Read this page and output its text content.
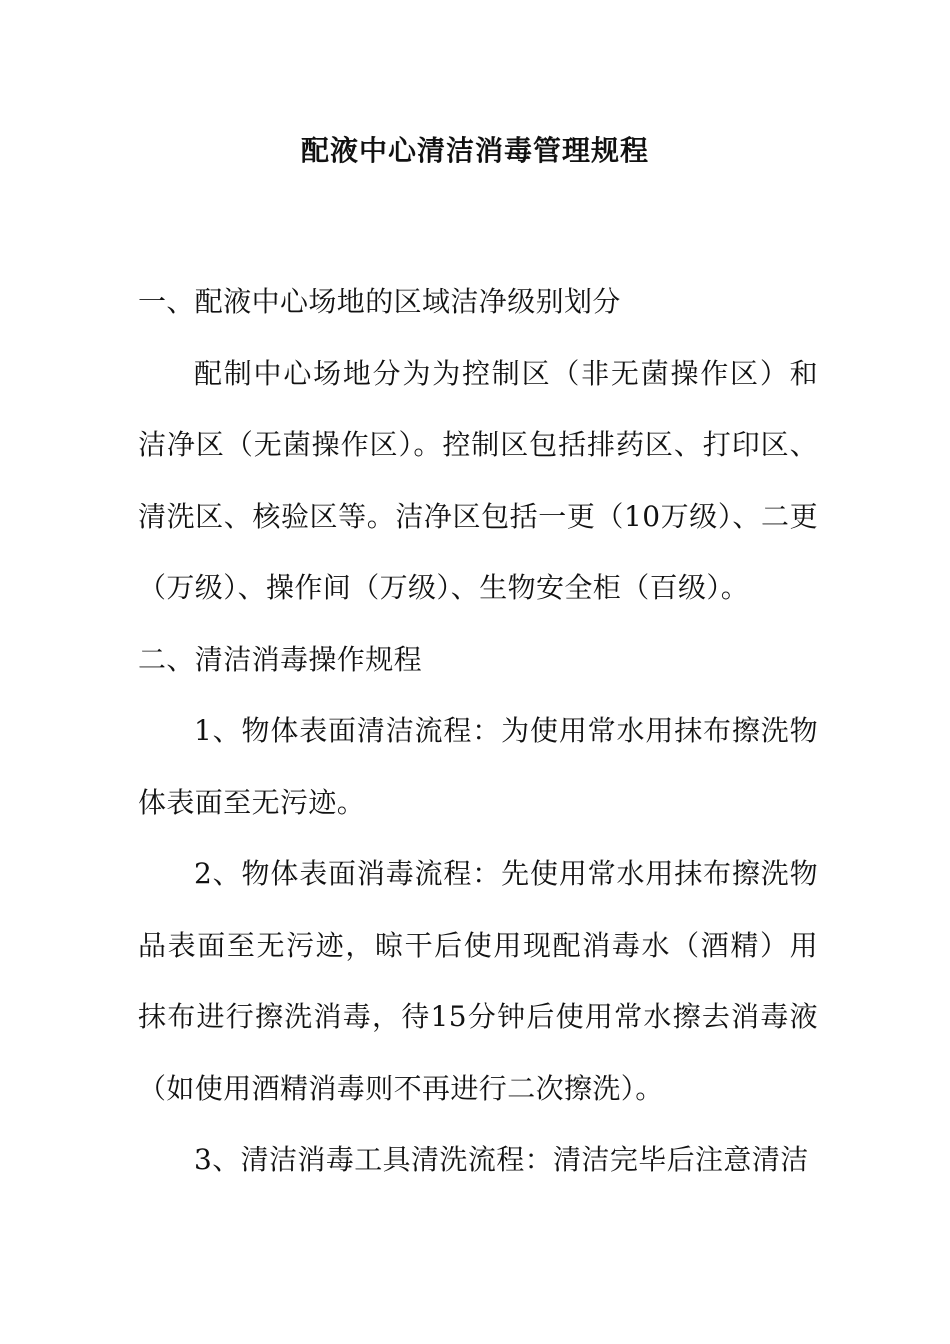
配液中心清洁消毒管理规程

一、配液中心场地的区域洁净级别划分

配制中心场地分为为控制区（非无菌操作区）和洁净区（无菌操作区）。控制区包括排药区、打印区、清洗区、核验区等。洁净区包括一更（10万级）、二更（万级）、操作间（万级）、生物安全柜（百级）。

二、清洁消毒操作规程

1、物体表面清洁流程：为使用常水用抹布擦洗物体表面至无污迹。

2、物体表面消毒流程：先使用常水用抹布擦洗物品表面至无污迹，晾干后使用现配消毒水（酒精）用抹布进行擦洗消毒，待15分钟后使用常水擦去消毒液（如使用酒精消毒则不再进行二次擦洗）。

3、清洁消毒工具清洗流程：清洁完毕后注意清洁
